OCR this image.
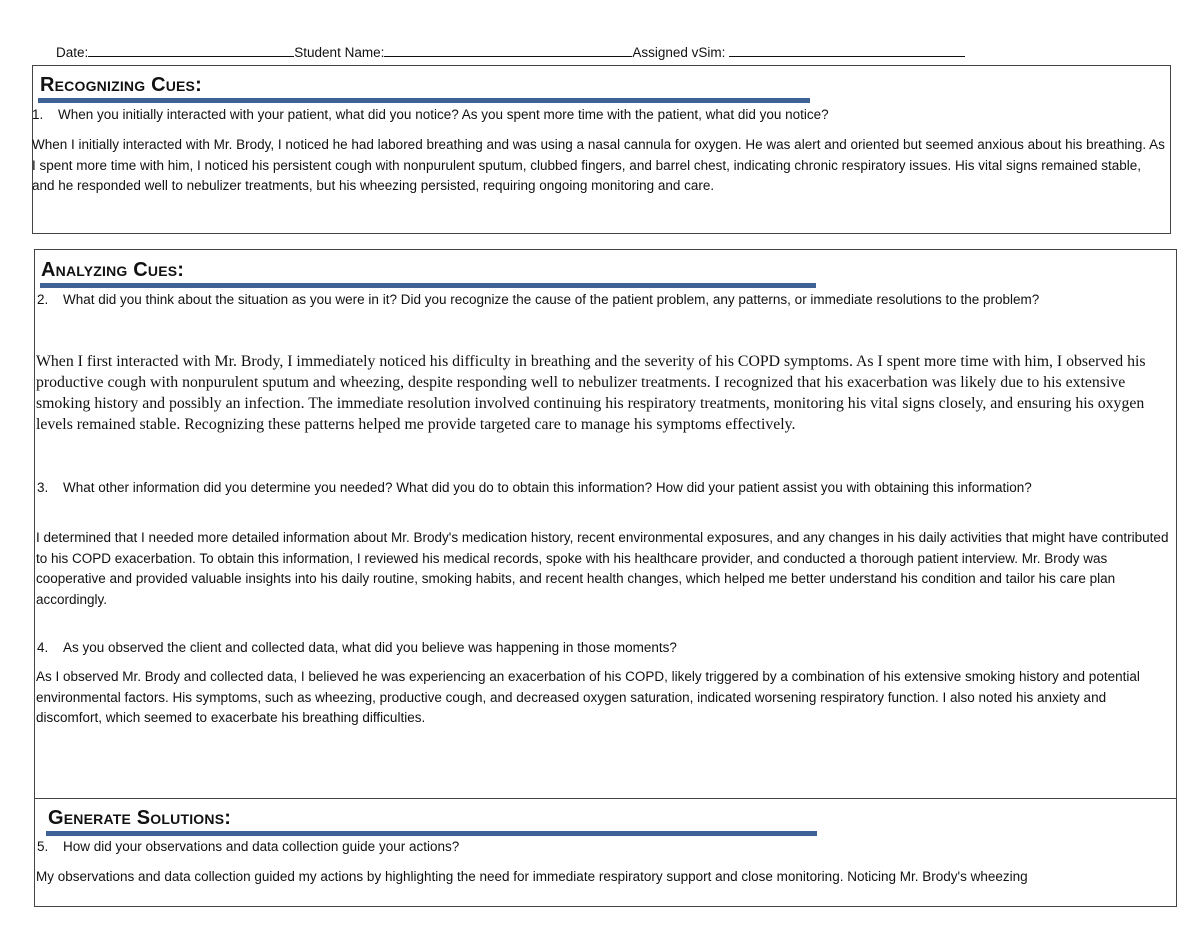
Date:	Student Name:	Assigned vSim:
Recognizing Cues:
1.	When you initially interacted with your patient, what did you notice? As you spent more time with the patient, what did you notice?
When I initially interacted with Mr. Brody, I noticed he had labored breathing and was using a nasal cannula for oxygen. He was alert and oriented but seemed anxious about his breathing. As I spent more time with him, I noticed his persistent cough with nonpurulent sputum, clubbed fingers, and barrel chest, indicating chronic respiratory issues. His vital signs remained stable, and he responded well to nebulizer treatments, but his wheezing persisted, requiring ongoing monitoring and care.
Analyzing Cues:
2.	What did you think about the situation as you were in it? Did you recognize the cause of the patient problem, any patterns, or immediate resolutions to the problem?
When I first interacted with Mr. Brody, I immediately noticed his difficulty in breathing and the severity of his COPD symptoms. As I spent more time with him, I observed his productive cough with nonpurulent sputum and wheezing, despite responding well to nebulizer treatments. I recognized that his exacerbation was likely due to his extensive smoking history and possibly an infection. The immediate resolution involved continuing his respiratory treatments, monitoring his vital signs closely, and ensuring his oxygen levels remained stable. Recognizing these patterns helped me provide targeted care to manage his symptoms effectively.
3.	What other information did you determine you needed? What did you do to obtain this information? How did your patient assist you with obtaining this information?
I determined that I needed more detailed information about Mr. Brody's medication history, recent environmental exposures, and any changes in his daily activities that might have contributed to his COPD exacerbation. To obtain this information, I reviewed his medical records, spoke with his healthcare provider, and conducted a thorough patient interview. Mr. Brody was cooperative and provided valuable insights into his daily routine, smoking habits, and recent health changes, which helped me better understand his condition and tailor his care plan accordingly.
4.	As you observed the client and collected data, what did you believe was happening in those moments?
As I observed Mr. Brody and collected data, I believed he was experiencing an exacerbation of his COPD, likely triggered by a combination of his extensive smoking history and potential environmental factors. His symptoms, such as wheezing, productive cough, and decreased oxygen saturation, indicated worsening respiratory function. I also noted his anxiety and discomfort, which seemed to exacerbate his breathing difficulties.
Generate Solutions:
5.	How did your observations and data collection guide your actions?
My observations and data collection guided my actions by highlighting the need for immediate respiratory support and close monitoring. Noticing Mr. Brody's wheezing
